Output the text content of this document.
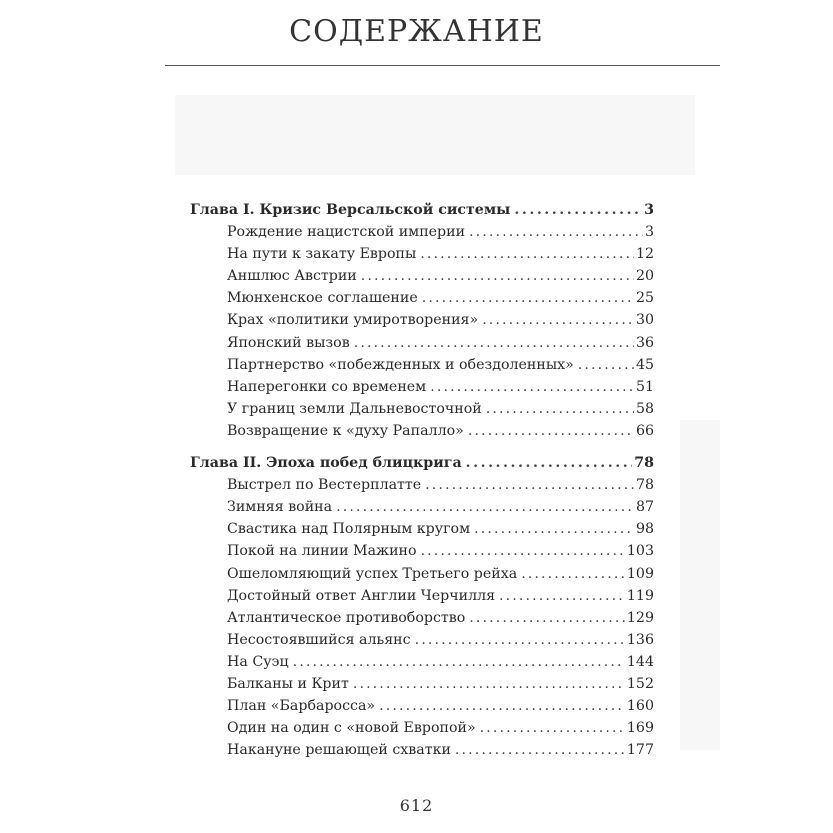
СОДЕРЖАНИЕ
Глава I. Кризис Версальской системы . . .	3
Рождение нацистской империи . . .	3
На пути к закату Европы . . .	12
Аншлюс Австрии . . .	20
Мюнхенское соглашение . . .	25
Крах «политики умиротворения» . . .	30
Японский вызов . . .	36
Партнерство «побежденных и обездоленных» . . .	45
Наперегонки со временем . . .	51
У границ земли Дальневосточной . . .	58
Возвращение к «духу Рапалло» . . .	66
Глава II. Эпоха побед блицкрига . . .	78
Выстрел по Вестерплатте . . .	78
Зимняя война . . .	87
Свастика над Полярным кругом . . .	98
Покой на линии Мажино . . .	103
Ошеломляющий успех Третьего рейха . . .	109
Достойный ответ Англии Черчилля . . .	119
Атлантическое противоборство . . .	129
Несостоявшийся альянс . . .	136
На Суэц . . .	144
Балканы и Крит . . .	152
План «Барбаросса» . . .	160
Один на один с «новой Европой» . . .	169
Накануне решающей схватки . . .	177
612
